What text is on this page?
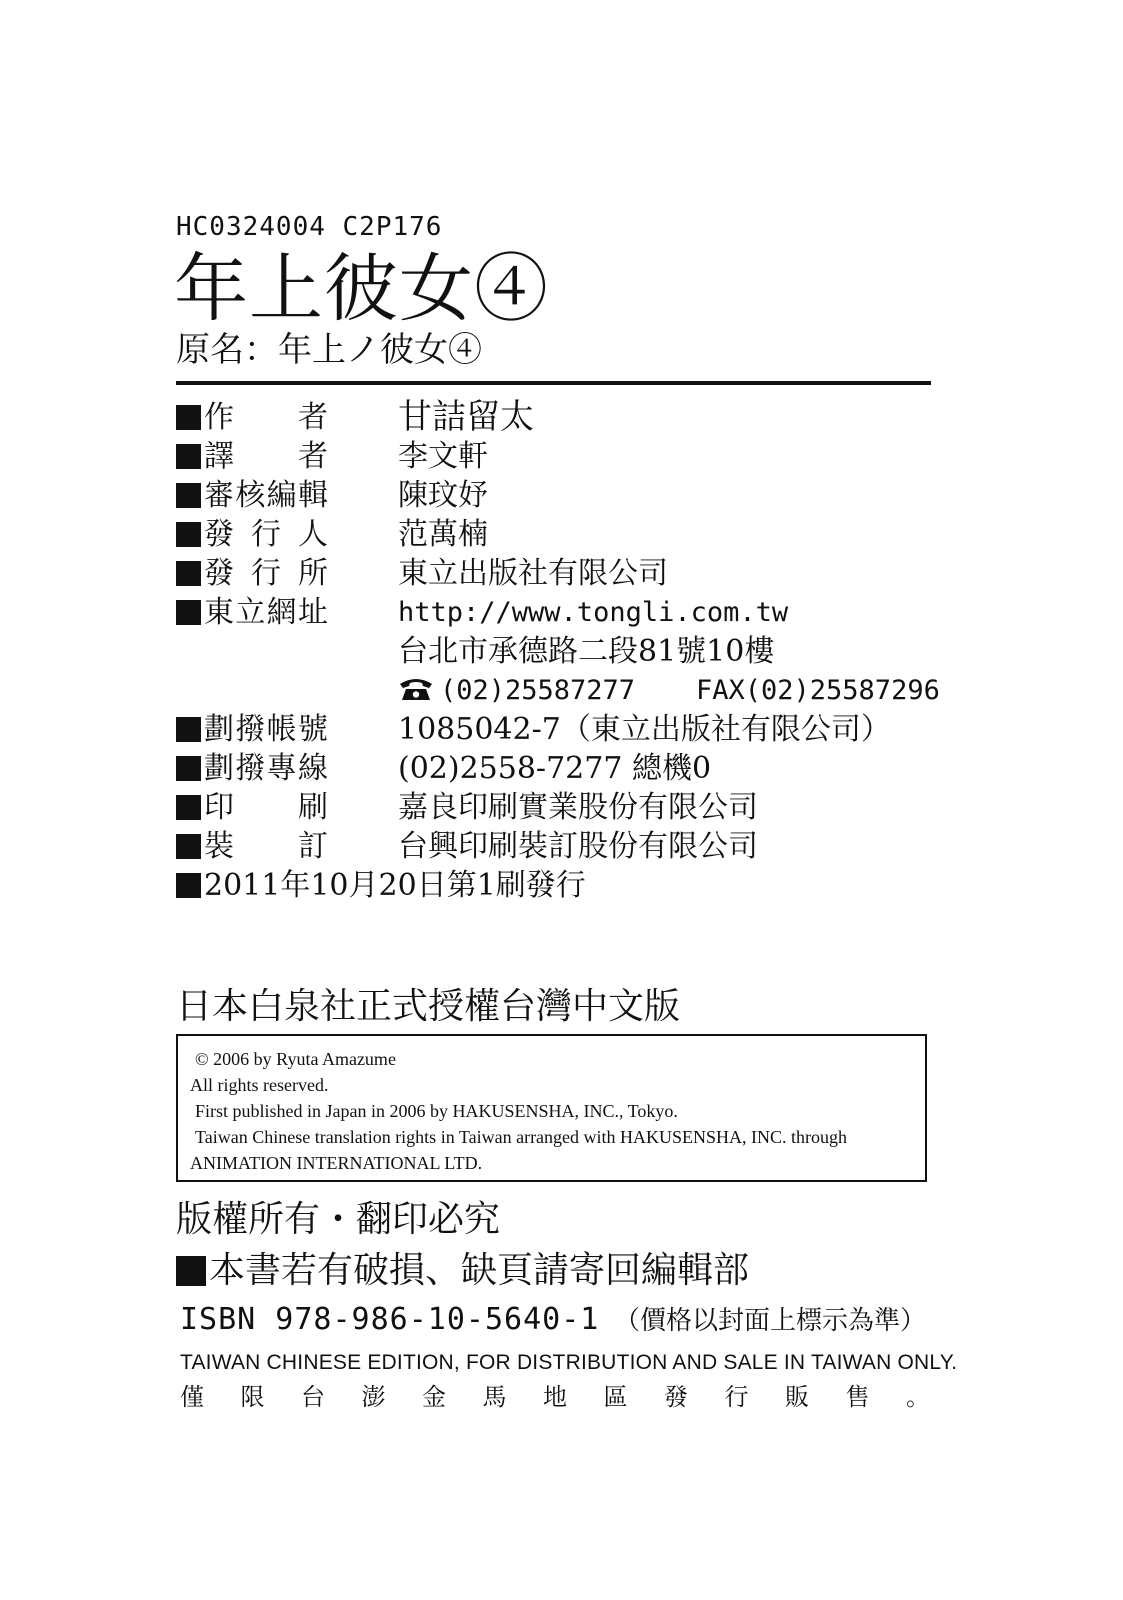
HC0324004 C2P176
年上彼女④
原名：年上ノ彼女④
作　者 甘詰留太
譯　者 李文軒
審核編輯 陳玟妤
發行人 范萬楠
發行所 東立出版社有限公司
東立網址	http://www.tongli.com.tw
台北市承德路二段81號10樓
(02)25587277 FAX(02)25587296
劃撥帳號 1085042-7（東立出版社有限公司）
劃撥專線 (02)2558-7277 總機0
印　刷 嘉良印刷實業股份有限公司
裝　訂 台興印刷裝訂股份有限公司
2011年10月20日第1刷發行
日本白泉社正式授權台灣中文版

© 2006 by Ryuta Amazume

All rights reserved.

First published in Japan in 2006 by HAKUSENSHA, INC., Tokyo.

Taiwan Chinese translation rights in Taiwan arranged with HAKUSENSHA, INC. through

ANIMATION INTERNATIONAL LTD.

版權所有・翻印必究
本書若有破損、缺頁請寄回編輯部
ISBN 978-986-10-5640-1 （價格以封面上標示為準）
TAIWAN CHINESE EDITION, FOR DISTRIBUTION AND SALE IN TAIWAN ONLY.
僅 限 台 澎 金 馬 地 區 發 行 販 售 。
